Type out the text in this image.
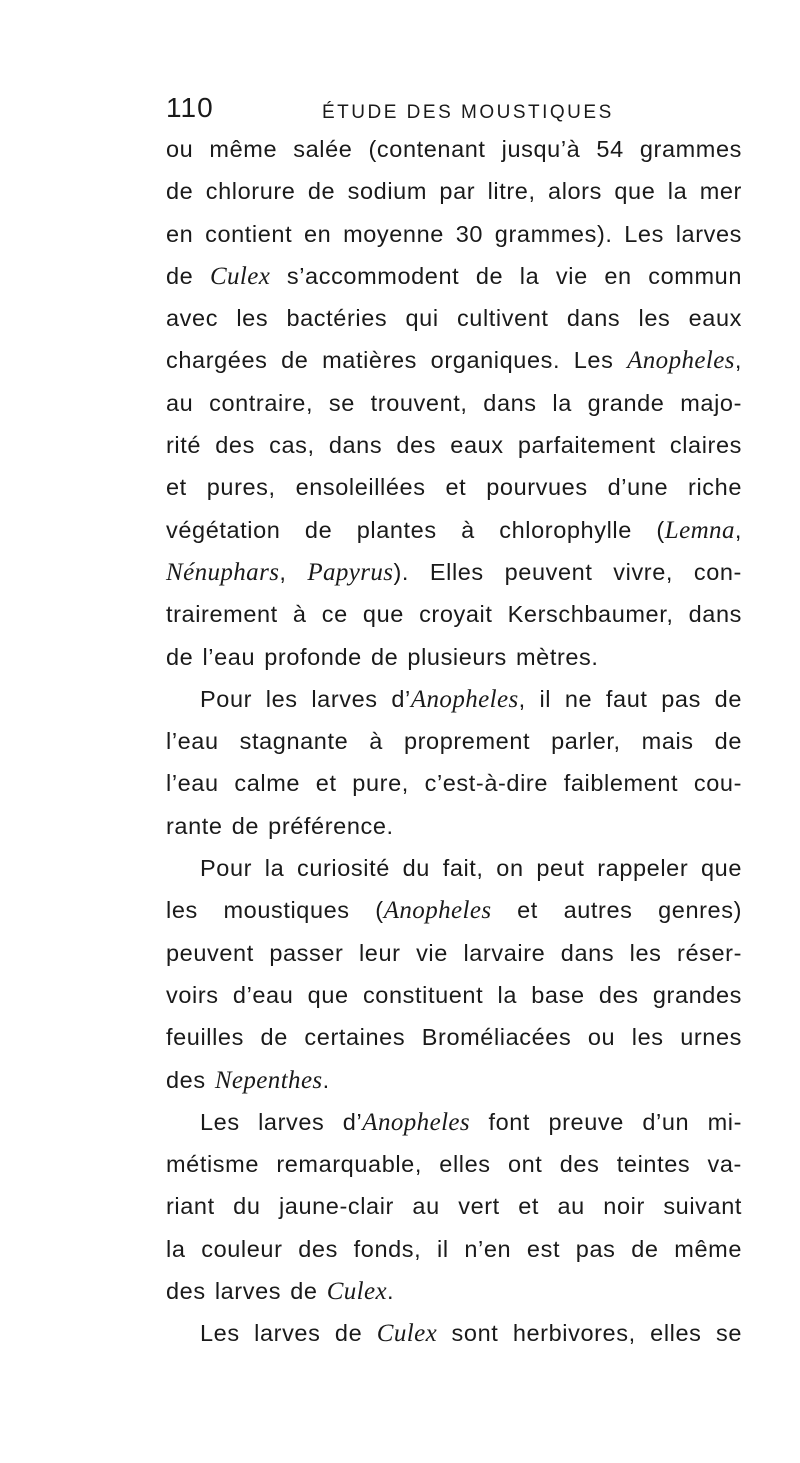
110	ÉTUDE DES MOUSTIQUES
ou même salée (contenant jusqu’à 54 grammes
de chlorure de sodium par litre, alors que la mer
en contient en moyenne 30 grammes). Les larves
de Culex s’accommodent de la vie en commun
avec les bactéries qui cultivent dans les eaux
chargées de matières organiques. Les Anopheles,
au contraire, se trouvent, dans la grande majo-
rité des cas, dans des eaux parfaitement claires
et pures, ensoleillées et pourvues d’une riche
végétation de plantes à chlorophylle (Lemna,
Nénuphars, Papyrus). Elles peuvent vivre, con-
trairement à ce que croyait Kerschbaumer, dans
de l’eau profonde de plusieurs mètres.
Pour les larves d’Anopheles, il ne faut pas de
l’eau stagnante à proprement parler, mais de
l’eau calme et pure, c’est-à-dire faiblement cou-
rante de préférence.
Pour la curiosité du fait, on peut rappeler que
les moustiques (Anopheles et autres genres)
peuvent passer leur vie larvaire dans les réser-
voirs d’eau que constituent la base des grandes
feuilles de certaines Broméliacées ou les urnes
des Nepenthes.
Les larves d’Anopheles font preuve d’un mi-
métisme remarquable, elles ont des teintes va-
riant du jaune-clair au vert et au noir suivant
la couleur des fonds, il n’en est pas de même
des larves de Culex.
Les larves de Culex sont herbivores, elles se
